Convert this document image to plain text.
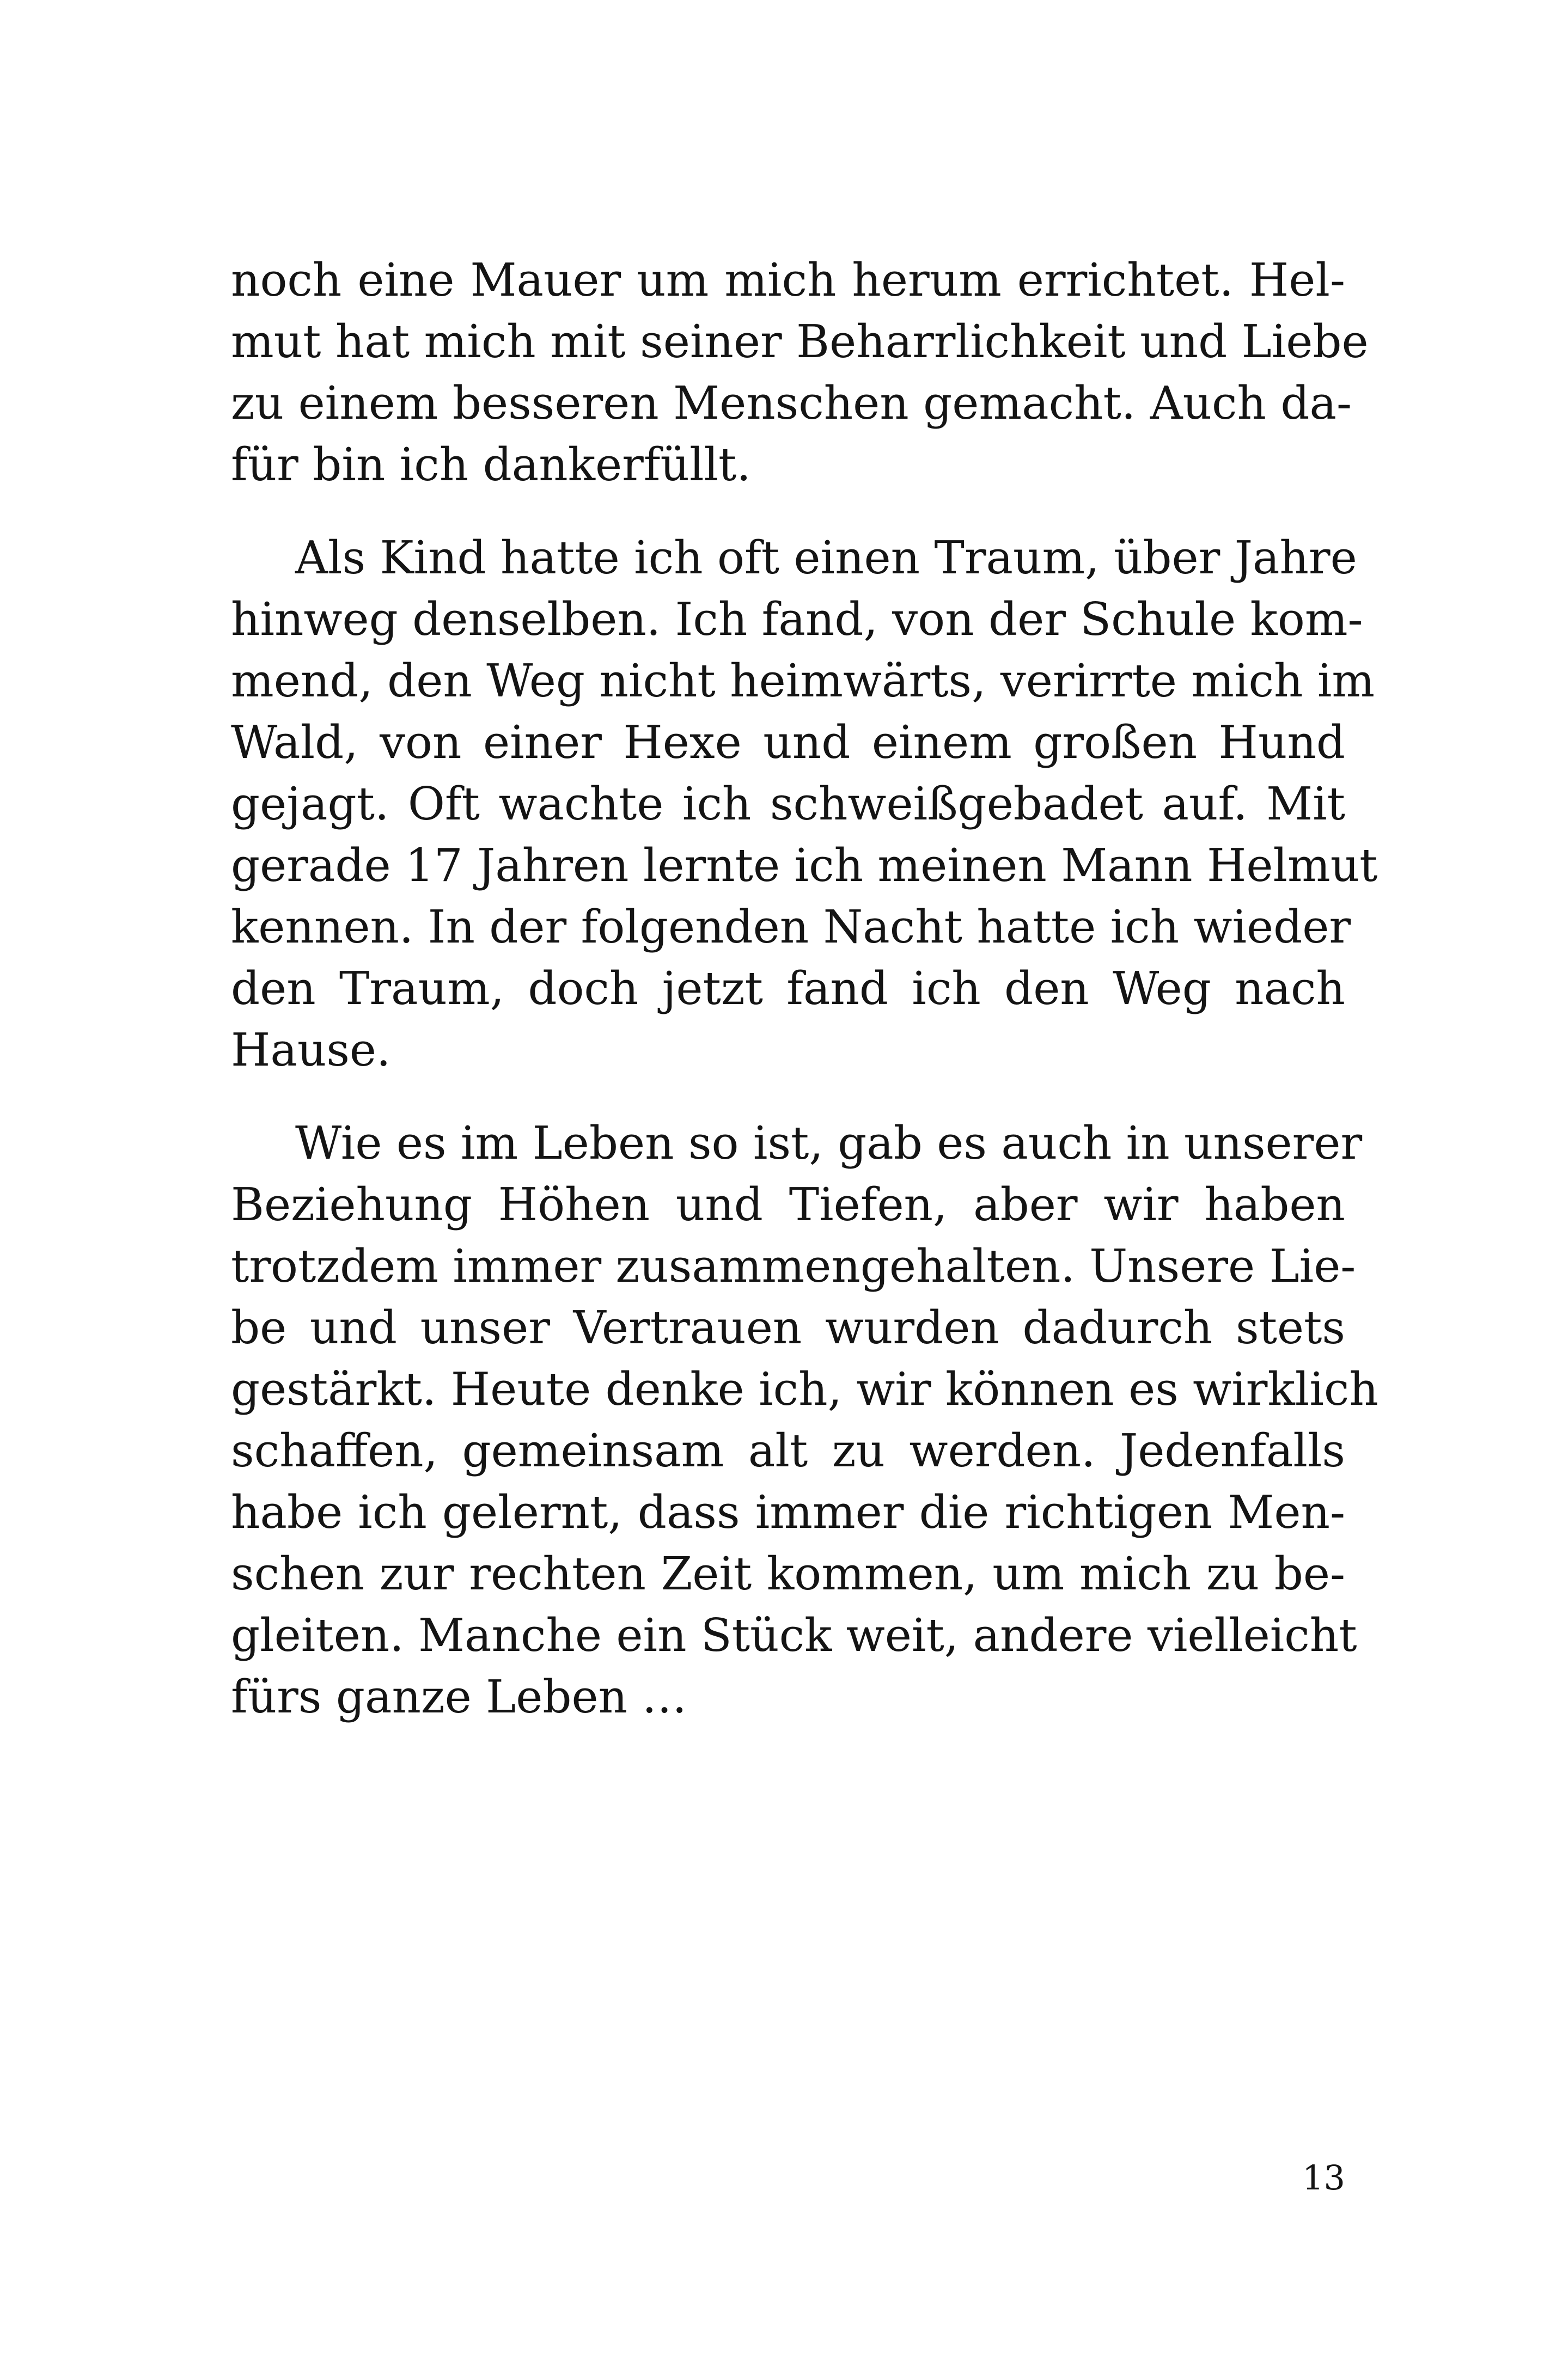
noch eine Mauer um mich herum errichtet. Hel-
mut hat mich mit seiner Beharrlichkeit und Liebe
zu einem besseren Menschen gemacht. Auch da-
für bin ich dankerfüllt.
Als Kind hatte ich oft einen Traum, über Jahre
hinweg denselben. Ich fand, von der Schule kom-
mend, den Weg nicht heimwärts, verirrte mich im
Wald, von einer Hexe und einem großen Hund
gejagt. Oft wachte ich schweißgebadet auf. Mit
gerade 17 Jahren lernte ich meinen Mann Helmut
kennen. In der folgenden Nacht hatte ich wieder
den Traum, doch jetzt fand ich den Weg nach
Hause.
Wie es im Leben so ist, gab es auch in unserer
Beziehung Höhen und Tiefen, aber wir haben
trotzdem immer zusammengehalten. Unsere Lie-
be und unser Vertrauen wurden dadurch stets
gestärkt. Heute denke ich, wir können es wirklich
schaffen, gemeinsam alt zu werden. Jedenfalls
habe ich gelernt, dass immer die richtigen Men-
schen zur rechten Zeit kommen, um mich zu be-
gleiten. Manche ein Stück weit, andere vielleicht
fürs ganze Leben …
13
